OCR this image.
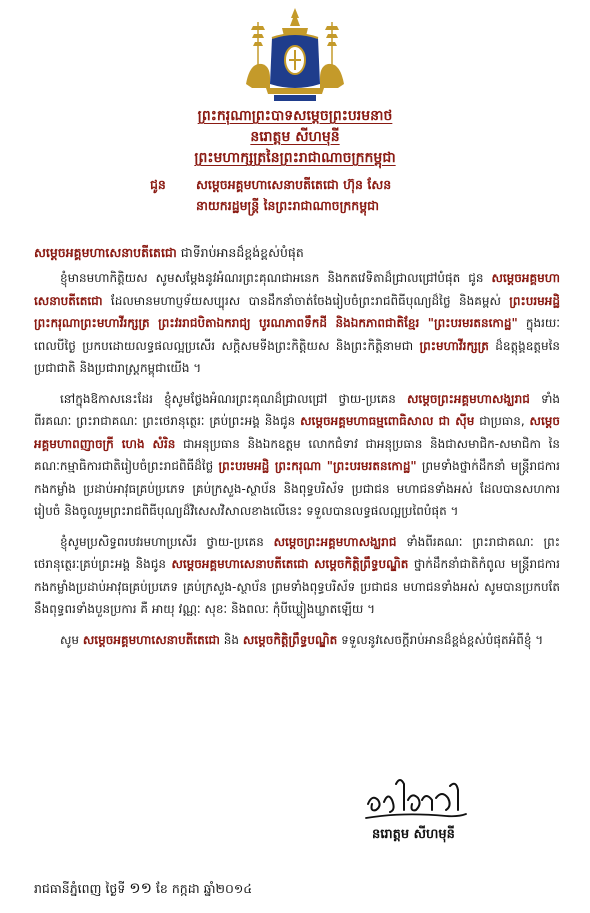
ព្រះករុណាព្រះបាទសម្តេចព្រះបរមនាថ
នរោត្តម សីហមុនី
ព្រះមហាក្សត្រនៃព្រះរាជាណាចក្រកម្ពុជា
ជូន សម្តេចអគ្គមហាសេនាបតីតេជោ ហ៊ុន សែន
នាយករដ្ឋមន្ត្រី នៃព្រះរាជាណាចក្រកម្ពុជា
សម្តេចអគ្គមហាសេនាបតីតេជោ ជាទីរាប់អានដ៏ខ្ពង់ខ្ពស់បំផុត

ខ្ញុំមានមហាកិត្តិយស សូមសម្តែងនូវអំណរព្រះគុណជាអនេក និងកតវេទិតាដ៏ជ្រាលជ្រៅបំផុត ជូន សម្តេចអគ្គមហាសេនាបតីតេជោ ដែលមានមហាប្ញទ័យសប្បុរស បានដឹកនាំចាត់ចែងរៀបចំព្រះរាជពិធីបុណ្យដ៏ថ្លៃ និងគម្ពស់ ព្រះបរមអដ្ឋិ ព្រះករុណាព្រះមហាវីរក្សត្រ ព្រះវររាជបិតាឯករាជ្យ បូរណភាពទឹកដី និងឯកភាពជាតិខ្មែរ "ព្រះបរមរតនកោដ្ឋ" ក្នុងរយៈពេលបីថ្ងៃ ប្រកបដោយលទ្ធផលល្អប្រសើរ សក្តិសមទីងព្រះកិត្តិយស និងព្រះកិត្តិនាមជា ព្រះមហាវីរក្សត្រ ដ៏ឧត្តុង្គឧត្តមនៃប្រជាជាតិ និងប្រជារាស្ត្រកម្ពុជាយើង ។

នៅក្នុងឱកាសនេះដែរ ខ្ញុំសូមថ្លែងអំណរព្រះគុណដ៏ជ្រាលជ្រៅ ថ្វាយ-ប្រគេន សម្តេចព្រះអគ្គមហាសង្ឃរាជ ទាំងពីរគណៈ ព្រះរាជាគណៈ ព្រះថេរានុត្ថេរៈ គ្រប់ព្រះអង្គ និងជូន សម្តេចអគ្គមហាធម្មពោធិសាល ជា ស៊ីម ជាប្រធាន, សម្តេចអគ្គមហាពញាចក្រី ហេង សំរិន ជាអនុប្រធាន និងឯកឧត្តម លោកជំទាវ ជាអនុប្រធាន និងជាសមាជិក-សមាជិកា នៃគណៈកម្មាធិការជាតិរៀបចំព្រះរាជពិធីដ៏ថ្លៃ ព្រះបរមអដ្ឋិ ព្រះករុណា "ព្រះបរមរតនកោដ្ឋ" ព្រមទាំងថ្នាក់ដឹកនាំ មន្ត្រីរាជការ កងកម្លាំង ប្រដាប់អាវុធគ្រប់ប្រភេទ គ្រប់ក្រសួង-ស្ថាប័ន និងពុទ្ធបរិស័ទ ប្រជាជន មហាជនទាំងអស់ ដែលបានសហការរៀបចំ និងចូលរួមព្រះរាជពិធីបុណ្យដ៏វិសេសវិសាលខាងលើនេះ ទទួលបានលទ្ធផលល្អប្រពៃបំផុត ។

ខ្ញុំសូមប្រសិទ្ធពរបវរមហាប្រសើរ ថ្វាយ-ប្រគេន សម្តេចព្រះអគ្គមហាសង្ឃរាជ ទាំងពីរគណៈ ព្រះរាជាគណៈ ព្រះថេរានុត្ថេរៈគ្រប់ព្រះអង្គ និងជូន សម្តេចអគ្គមហាសេនាបតីតេជោ សម្តេចកិត្តិព្រឹទ្ធបណ្ឌិត ថ្នាក់ដឹកនាំជាតិកំពូល មន្ត្រីរាជការ កងកម្លាំងប្រដាប់អាវុធគ្រប់ប្រភេទ គ្រប់ក្រសួង-ស្ថាប័ន ព្រមទាំងពុទ្ធបរិស័ទ ប្រជាជន មហាជនទាំងអស់ សូមបានប្រកបតែនឹងពុទ្ធពរទាំងបួនប្រការ គឺ អាយុ វណ្ណៈ សុខៈ និងពលៈ កុំបីឃ្លៀងឃ្លាតឡើយ ។

សូម សម្តេចអគ្គមហាសេនាបតីតេជោ និង សម្តេចកិត្តិព្រឹទ្ធបណ្ឌិត ទទួលនូវសេចក្តីរាប់អានដ៏ខ្ពង់ខ្ពស់បំផុតអំពីខ្ញុំ ។

នរោត្តម សីហមុនី
រាជធានីភ្នំពេញ ថ្ងៃទី ១១ ខែ កក្កដា ឆ្នាំ២០១៤
